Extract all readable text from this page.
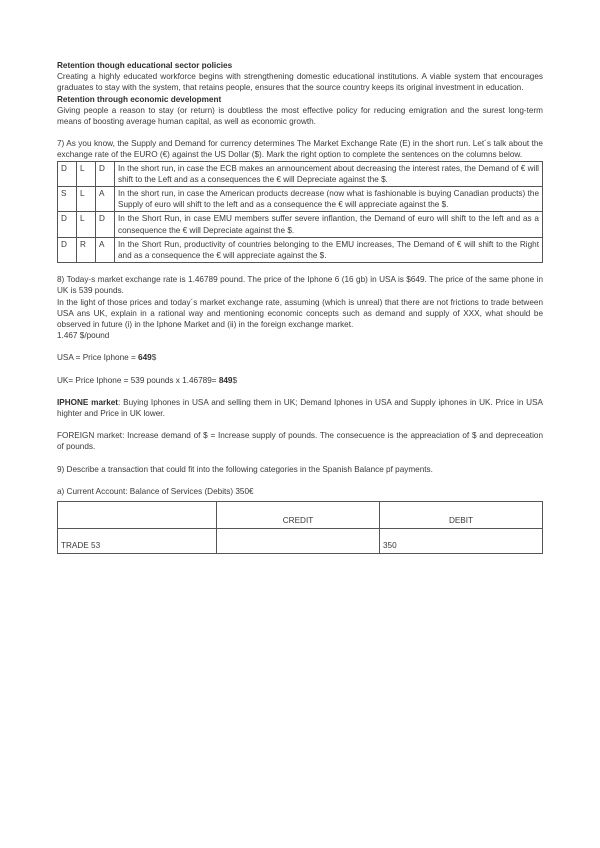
Retention though educational sector policies

Creating a highly educated workforce begins with strengthening domestic educational institutions. A viable system that encourages graduates to stay with the system, that retains people, ensures that the source country keeps its original investment in education.

Retention through economic development

Giving people a reason to stay (or return) is doubtless the most effective policy for reducing emigration and the surest long-term means of boosting average human capital, as well as economic growth.

7) As you know, the Supply and Demand for currency determines The Market Exchange Rate (E) in the short run. Let´s talk about the exchange rate of the EURO (€) against the US Dollar ($). Mark the right option to complete the sentences on the columns below.

D	L	D	In the short run, in case the ECB makes an announcement about decreasing the interest rates, the Demand of € will shift to the Left and as a consequences the € will Depreciate against the $.
S	L	A	In the short run, in case the American products decrease (now what is fashionable is buying Canadian products) the Supply of euro will shift to the left and as a consequence the € will appreciate against the $.
D	L	D	In the Short Run, in case EMU members suffer severe inflantion, the Demand of euro will shift to the left and as a consequence the € will Depreciate against the $.
D	R	A	In the Short Run, productivity of countries belonging to the EMU increases, The Demand of € will shift to the Right and as a consequence the € will appreciate against the $.

8) Today-s market exchange rate is 1.46789 pound. The price of the Iphone 6 (16 gb) in USA is $649. The price of the same phone in UK is 539 pounds.

In the light of those prices and today´s market exchange rate, assuming (which is unreal) that there are not frictions to trade between USA ans UK, explain in a rational way and mentioning economic concepts such as demand and supply of XXX, what should be observed in future (i) in the Iphone Market and (ii) in the foreign exchange market.

1.467 $/pound

USA = Price Iphone = 649$

UK= Price Iphone = 539 pounds x 1.46789= 849$

IPHONE market: Buying Iphones in USA and selling them in UK; Demand Iphones in USA and Supply iphones in UK. Price in USA highter and Price in UK lower.

FOREIGN market: Increase demand of $ = Increase supply of pounds. The consecuence is the appreaciation of $ and depreceation of pounds.

9) Describe a transaction that could fit into the following categories in the Spanish Balance pf payments.

a) Current Account: Balance of Services (Debits) 350€

	CREDIT	DEBIT
TRADE 53		350
